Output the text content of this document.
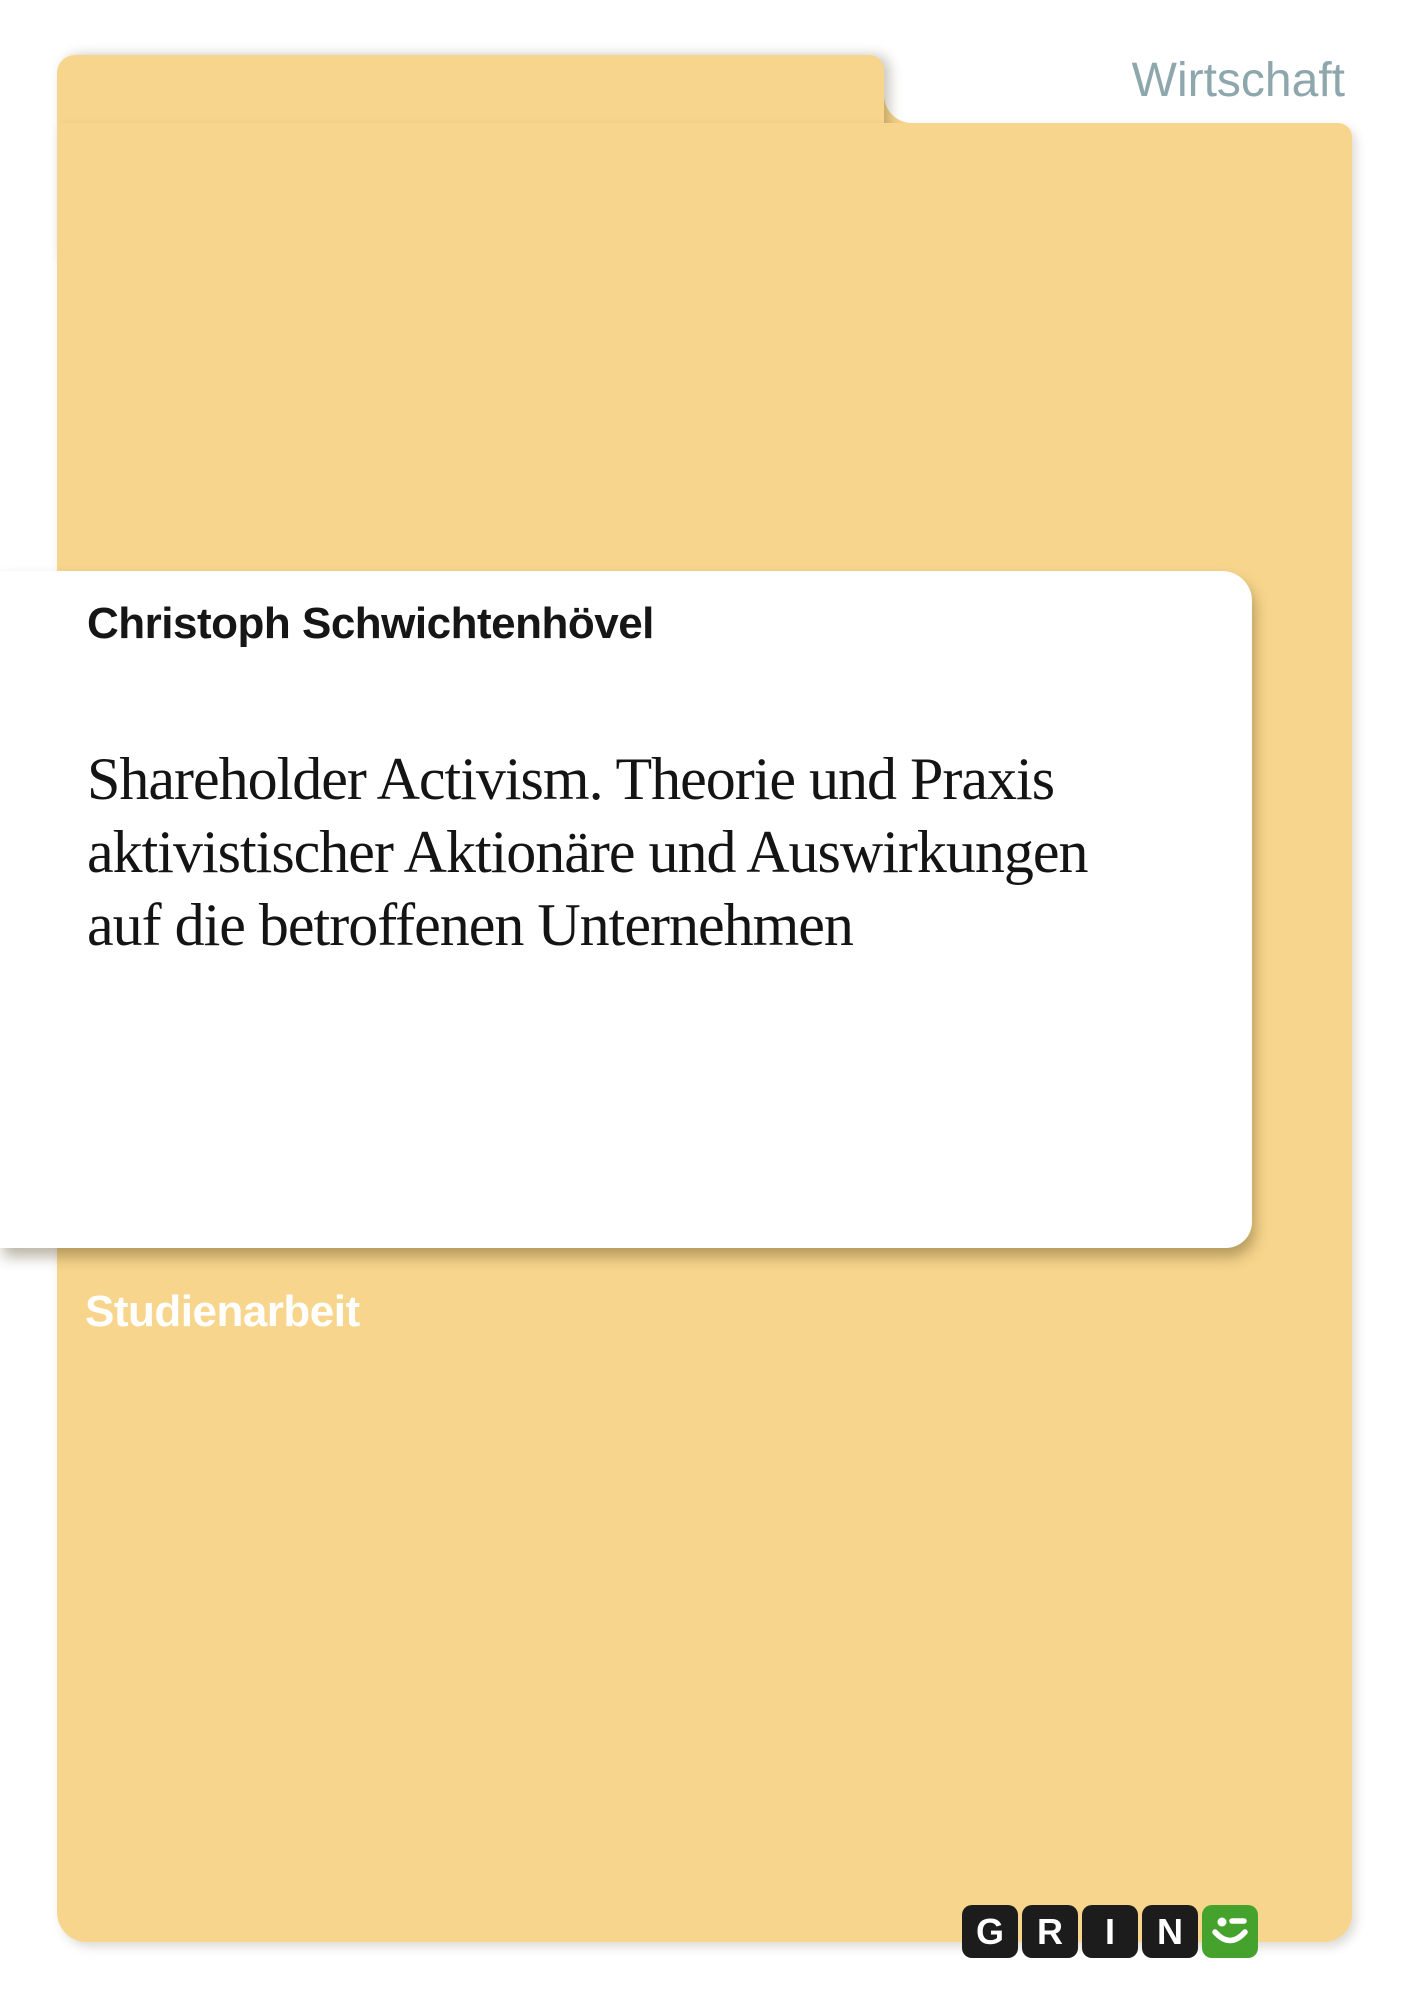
Wirtschaft
Christoph Schwichtenhövel
Shareholder Activism. Theorie und Praxis
aktivistischer Aktionäre und Auswirkungen
auf die betroffenen Unternehmen
Studienarbeit
G R	I	N
